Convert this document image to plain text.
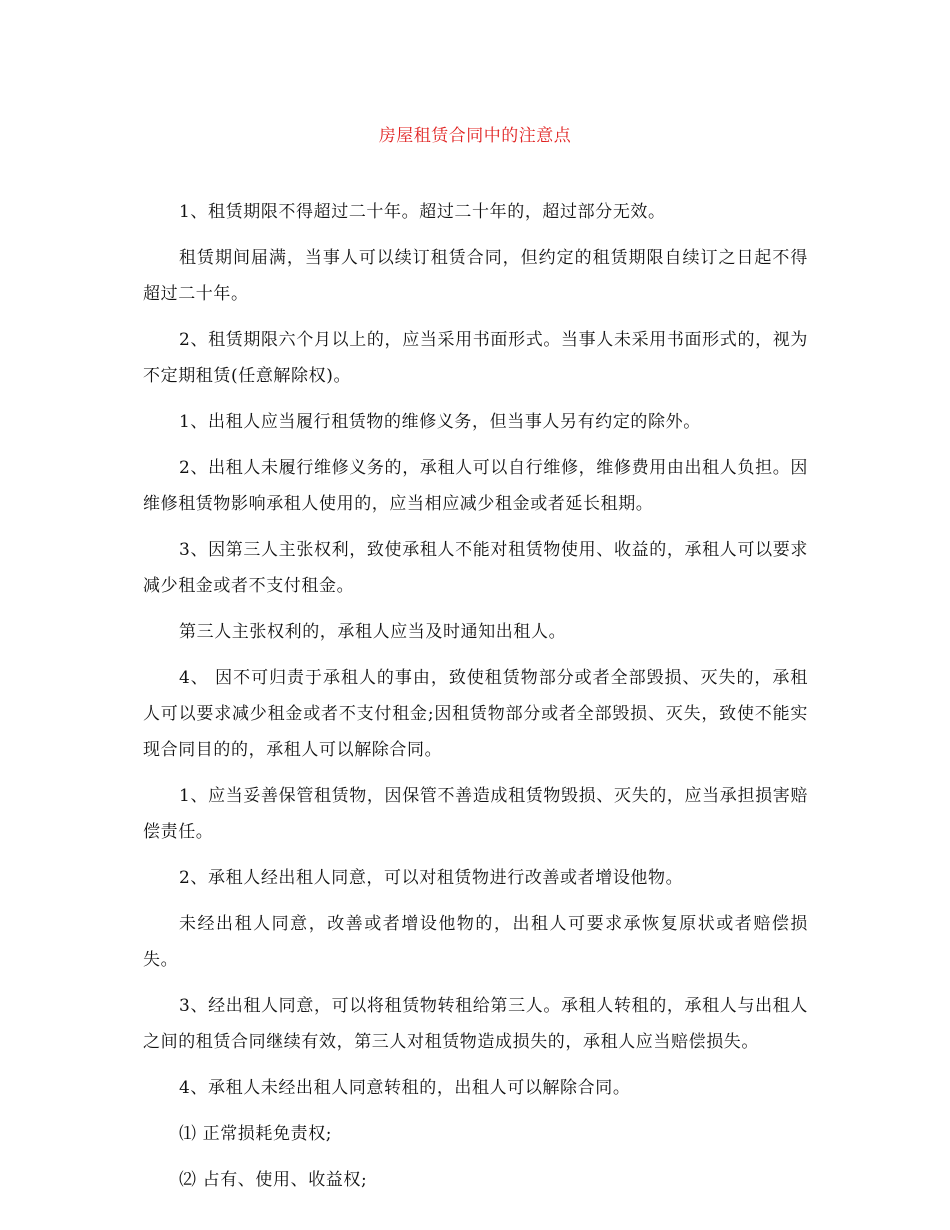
房屋租赁合同中的注意点

1、租赁期限不得超过二十年。超过二十年的，超过部分无效。

租赁期间届满，当事人可以续订租赁合同，但约定的租赁期限自续订之日起不得超过二十年。

2、租赁期限六个月以上的，应当采用书面形式。当事人未采用书面形式的，视为不定期租赁(任意解除权)。

1、出租人应当履行租赁物的维修义务，但当事人另有约定的除外。

2、出租人未履行维修义务的，承租人可以自行维修，维修费用由出租人负担。因维修租赁物影响承租人使用的，应当相应减少租金或者延长租期。

3、因第三人主张权利，致使承租人不能对租赁物使用、收益的，承租人可以要求减少租金或者不支付租金。

第三人主张权利的，承租人应当及时通知出租人。

4、 因不可归责于承租人的事由，致使租赁物部分或者全部毁损、灭失的，承租人可以要求减少租金或者不支付租金;因租赁物部分或者全部毁损、灭失，致使不能实现合同目的的，承租人可以解除合同。

1、应当妥善保管租赁物，因保管不善造成租赁物毁损、灭失的，应当承担损害赔偿责任。

2、承租人经出租人同意，可以对租赁物进行改善或者增设他物。

未经出租人同意，改善或者增设他物的，出租人可要求承恢复原状或者赔偿损失。

3、经出租人同意，可以将租赁物转租给第三人。承租人转租的，承租人与出租人之间的租赁合同继续有效，第三人对租赁物造成损失的，承租人应当赔偿损失。

4、承租人未经出租人同意转租的，出租人可以解除合同。

⑴ 正常损耗免责权;

⑵ 占有、使用、收益权;
